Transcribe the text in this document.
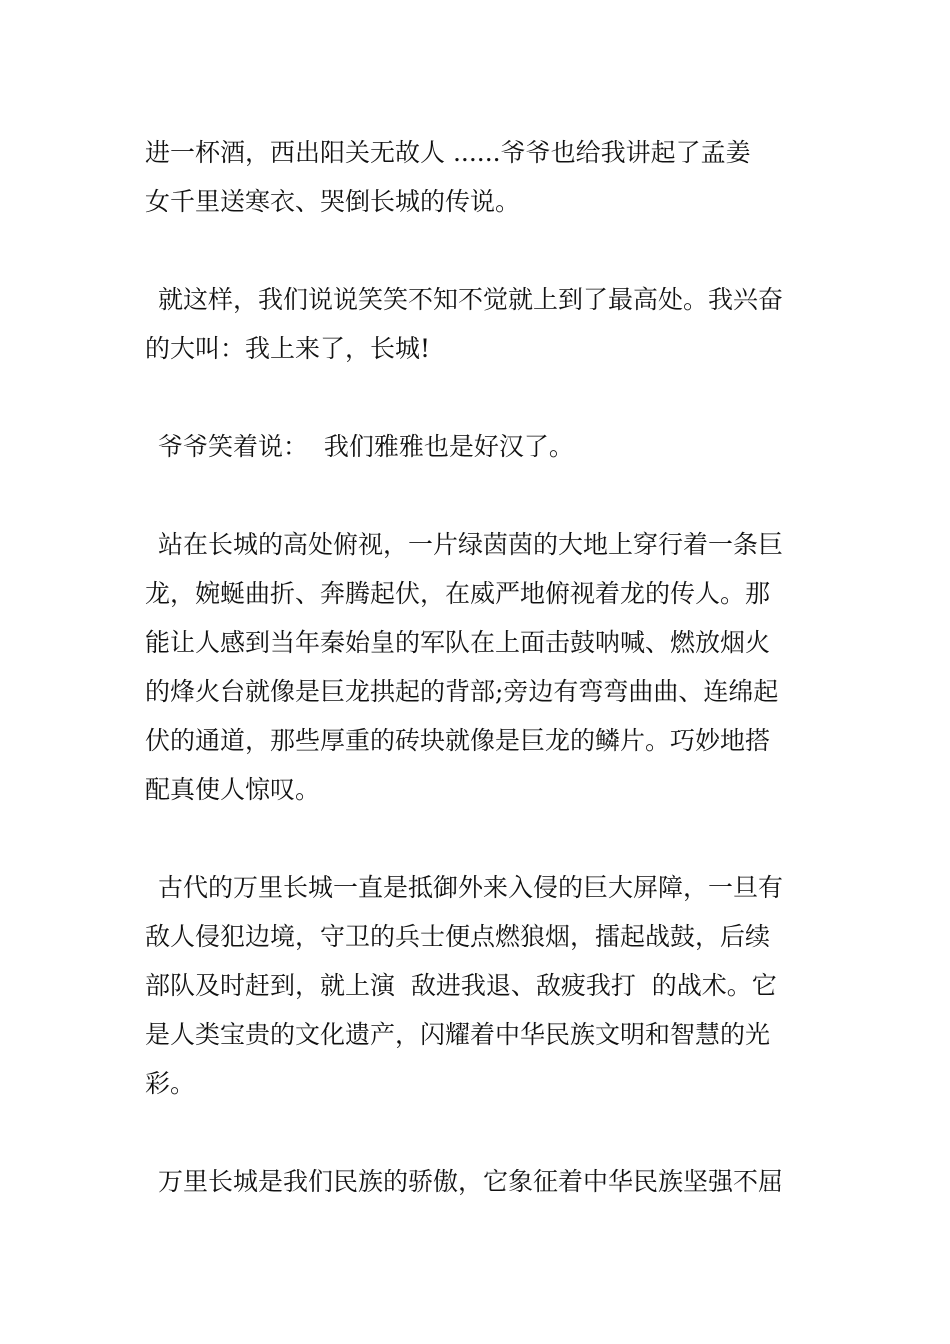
进一杯酒，西出阳关无故人 ......爷爷也给我讲起了孟姜
女千里送寒衣、哭倒长城的传说。

就这样，我们说说笑笑不知不觉就上到了最高处。我兴奋
的大叫：我上来了，长城!

爷爷笑着说：  我们雅雅也是好汉了。

站在长城的高处俯视，一片绿茵茵的大地上穿行着一条巨
龙，婉蜒曲折、奔腾起伏，在威严地俯视着龙的传人。那
能让人感到当年秦始皇的军队在上面击鼓呐喊、燃放烟火
的烽火台就像是巨龙拱起的背部;旁边有弯弯曲曲、连绵起
伏的通道，那些厚重的砖块就像是巨龙的鳞片。巧妙地搭
配真使人惊叹。

古代的万里长城一直是抵御外来入侵的巨大屏障，一旦有
敌人侵犯边境，守卫的兵士便点燃狼烟，擂起战鼓，后续
部队及时赶到，就上演  敌进我退、敌疲我打  的战术。它
是人类宝贵的文化遗产，闪耀着中华民族文明和智慧的光
彩。

万里长城是我们民族的骄傲，它象征着中华民族坚强不屈
